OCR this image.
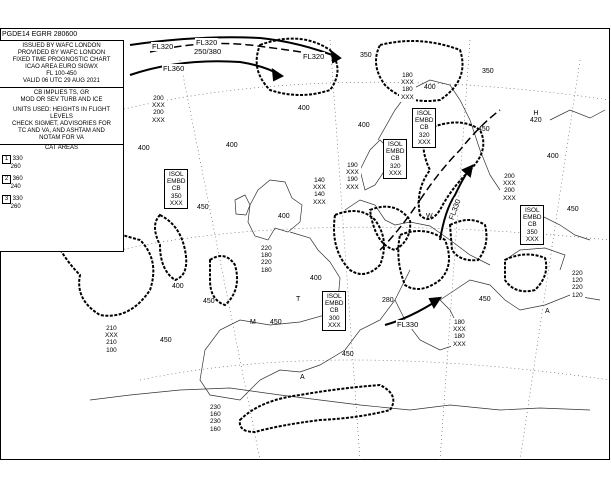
PGDE14 EGRR 280600
ISSUED BY WAFC LONDON
PROVIDED BY WAFC LONDON
FIXED TIME PROGNOSTIC CHART
ICAO AREA EURO SIGWX
FL 100-450
VALID 06 UTC 29 AUG 2021
CB IMPLIES TS, GR
MOD OR SEV TURB AND ICE
UNITS USED: HEIGHTS IN FLIGHT LEVELS
CHECK SIGMET, ADVISORIES FOR
TC AND VA, AND ASHTAM AND
NOTAM FOR VA
CAT AREAS
1 330
260
2 360
240
3 330
260
350
350
400
400
400
400	400
400
450
400
400
450
450
450
450
450
450
450
400
280
FL320	FL320
250/380
FL320
FL360
FL330
FL330
H
420
ISOL
EMBD
CB
350
XXX
ISOL
EMBD
CB
320
XXX
ISOL
EMBD
CB
320
XXX
ISOL
EMBD
CB
300
XXX
ISOL
EMBD
CB
350
XXX
200
XXX
200
XXX
180
XXX
180
XXX
140
XXX
140
XXX
190
XXX
190
XXX
200
XXX
200
XXX
220
180
220
180	220
120
220
120
180
XXX
180
XXX
210
XXX
210
100
230
160
230
160
M
T
A
A
W
